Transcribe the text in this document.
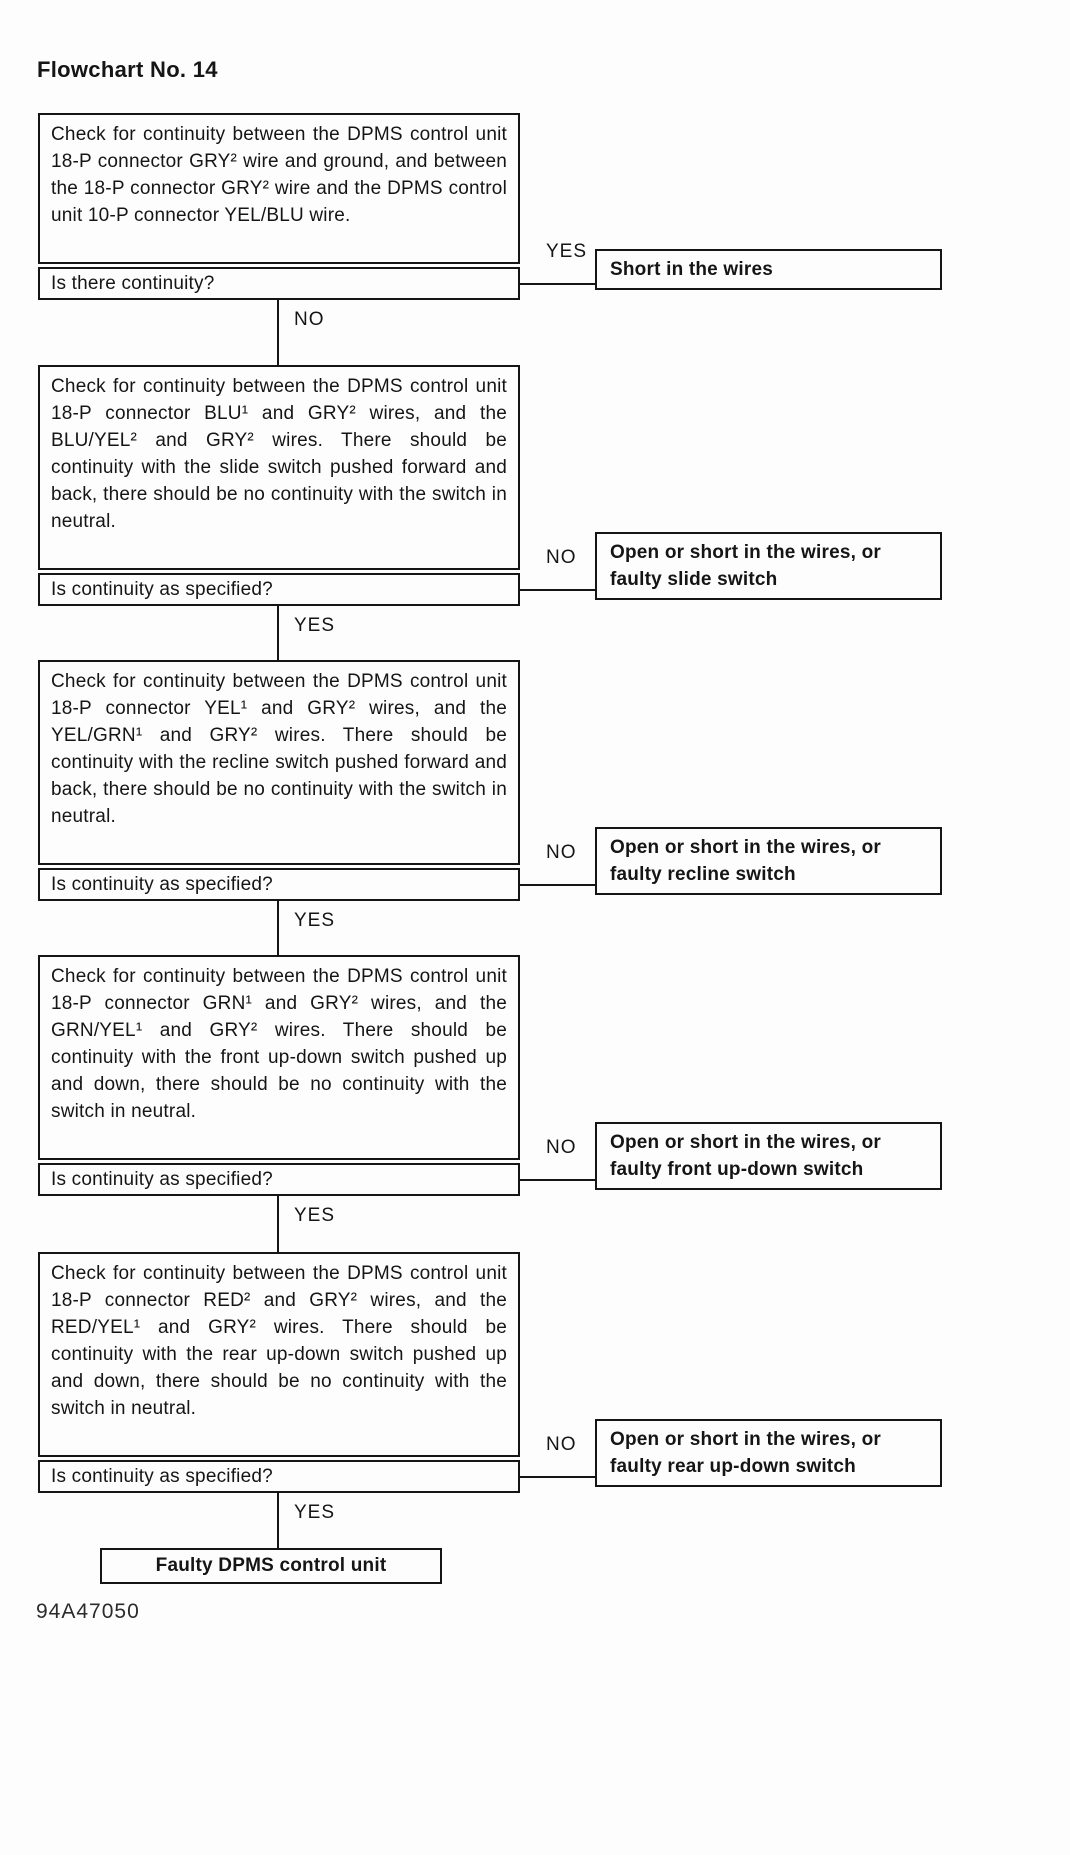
Flowchart No. 14

Check for continuity between the DPMS control unit 18-P connector GRY² wire and ground, and between the 18-P connector GRY² wire and the DPMS control unit 10-P connector YEL/BLU wire.

Is there continuity?
YES
Short in the wires
NO

Check for continuity between the DPMS control unit 18-P connector BLU¹ and GRY² wires, and the BLU/YEL² and GRY² wires. There should be continuity with the slide switch pushed forward and back, there should be no continuity with the switch in neutral.

Is continuity as specified?
NO Open or short in the wires, or faulty slide switch
YES

Check for continuity between the DPMS control unit 18-P connector YEL¹ and GRY² wires, and the YEL/GRN¹ and GRY² wires. There should be continuity with the recline switch pushed forward and back, there should be no continuity with the switch in neutral.

Is continuity as specified?
NO Open or short in the wires, or faulty recline switch
YES

Check for continuity between the DPMS control unit 18-P connector GRN¹ and GRY² wires, and the GRN/YEL¹ and GRY² wires. There should be continuity with the front up-down switch pushed up and down, there should be no continuity with the switch in neutral.

Is continuity as specified?
NO Open or short in the wires, or faulty front up-down switch
YES

Check for continuity between the DPMS control unit 18-P connector RED² and GRY² wires, and the RED/YEL¹ and GRY² wires. There should be continuity with the rear up-down switch pushed up and down, there should be no continuity with the switch in neutral.

Is continuity as specified?
NO Open or short in the wires, or faulty rear up-down switch
YES
Faulty DPMS control unit
94A47050
